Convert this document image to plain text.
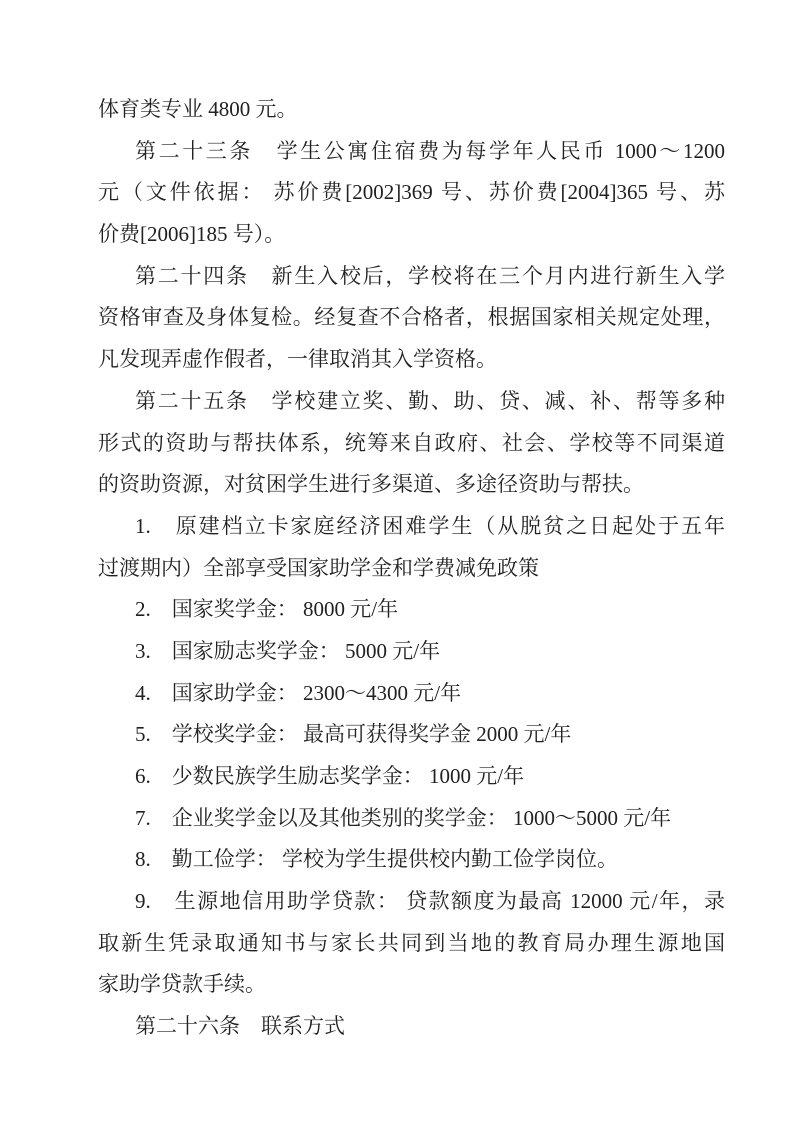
体育类专业 4800 元。
第二十三条　学生公寓住宿费为每学年人民币 1000～1200
元（文件依据： 苏价费[2002]369 号、苏价费[2004]365 号、苏
价费[2006]185 号）。
第二十四条　新生入校后，学校将在三个月内进行新生入学
资格审查及身体复检。经复查不合格者，根据国家相关规定处理，
凡发现弄虚作假者，一律取消其入学资格。
第二十五条　学校建立奖、勤、助、贷、减、补、帮等多种
形式的资助与帮扶体系，统筹来自政府、社会、学校等不同渠道
的资助资源，对贫困学生进行多渠道、多途径资助与帮扶。
1.　原建档立卡家庭经济困难学生（从脱贫之日起处于五年
过渡期内）全部享受国家助学金和学费减免政策
2.　国家奖学金： 8000 元/年
3.　国家励志奖学金： 5000 元/年
4.　国家助学金： 2300～4300 元/年
5.　学校奖学金： 最高可获得奖学金 2000 元/年
6.　少数民族学生励志奖学金： 1000 元/年
7.　企业奖学金以及其他类别的奖学金： 1000～5000 元/年
8.　勤工俭学： 学校为学生提供校内勤工俭学岗位。
9.　生源地信用助学贷款： 贷款额度为最高 12000 元/年，录
取新生凭录取通知书与家长共同到当地的教育局办理生源地国
家助学贷款手续。
第二十六条　联系方式
